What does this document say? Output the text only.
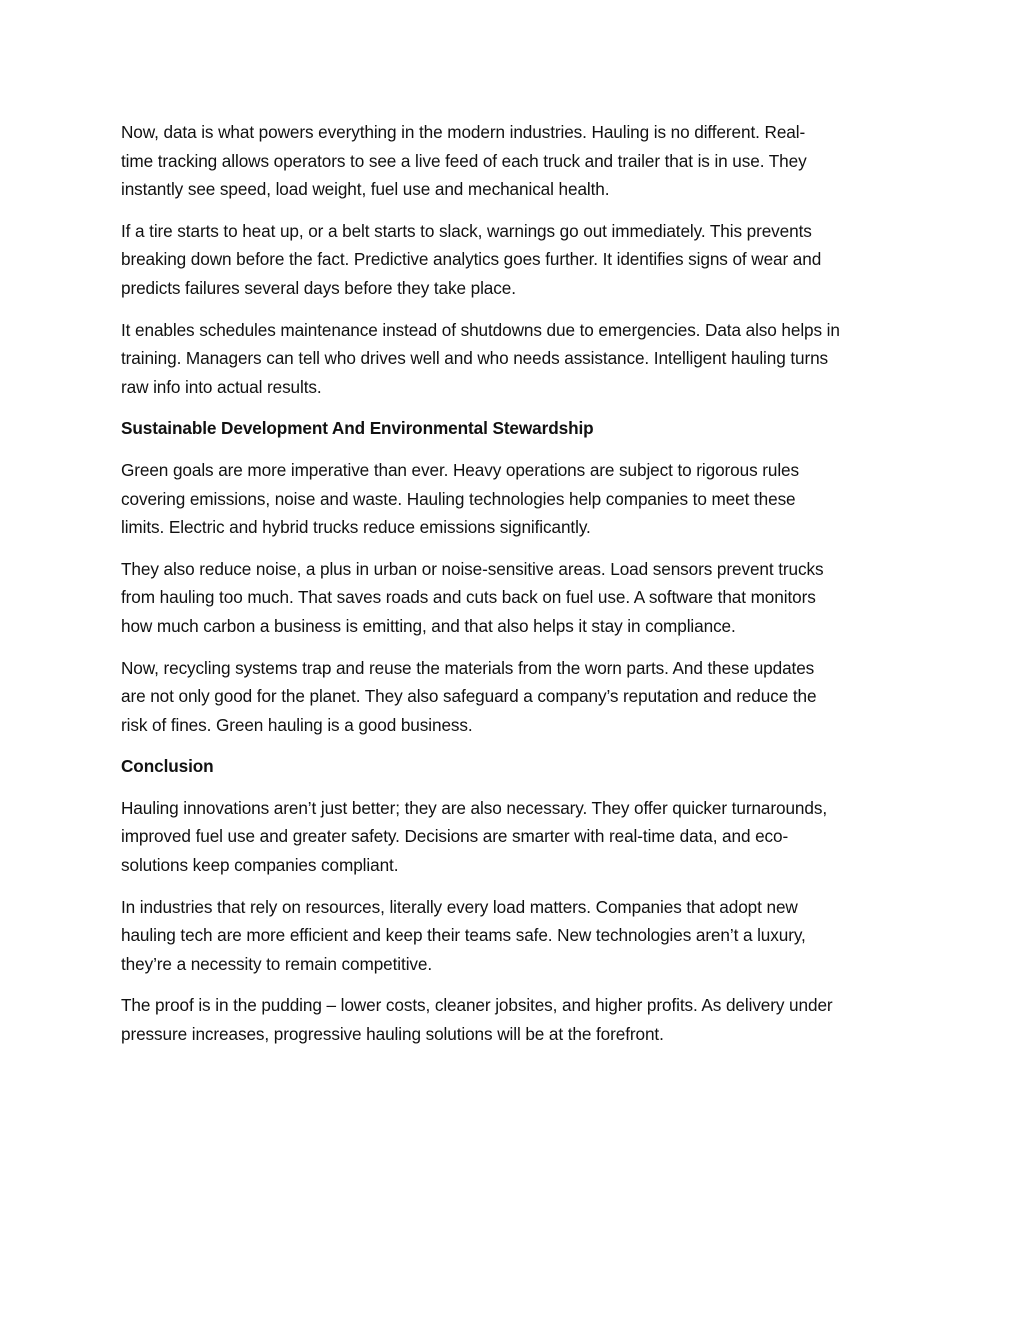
Now, data is what powers everything in the modern industries. Hauling is no different. Real-
time tracking allows operators to see a live feed of each truck and trailer that is in use. They
instantly see speed, load weight, fuel use and mechanical health.

If a tire starts to heat up, or a belt starts to slack, warnings go out immediately. This prevents
breaking down before the fact. Predictive analytics goes further. It identifies signs of wear and
predicts failures several days before they take place.

It enables schedules maintenance instead of shutdowns due to emergencies. Data also helps in
training. Managers can tell who drives well and who needs assistance. Intelligent hauling turns
raw info into actual results.

Sustainable Development And Environmental Stewardship

Green goals are more imperative than ever. Heavy operations are subject to rigorous rules
covering emissions, noise and waste. Hauling technologies help companies to meet these
limits. Electric and hybrid trucks reduce emissions significantly.

They also reduce noise, a plus in urban or noise-sensitive areas. Load sensors prevent trucks
from hauling too much. That saves roads and cuts back on fuel use. A software that monitors
how much carbon a business is emitting, and that also helps it stay in compliance.

Now, recycling systems trap and reuse the materials from the worn parts. And these updates
are not only good for the planet. They also safeguard a company’s reputation and reduce the
risk of fines. Green hauling is a good business.

Conclusion

Hauling innovations aren’t just better; they are also necessary. They offer quicker turnarounds,
improved fuel use and greater safety. Decisions are smarter with real-time data, and eco-
solutions keep companies compliant.

In industries that rely on resources, literally every load matters. Companies that adopt new
hauling tech are more efficient and keep their teams safe. New technologies aren’t a luxury,
they’re a necessity to remain competitive.

The proof is in the pudding – lower costs, cleaner jobsites, and higher profits. As delivery under
pressure increases, progressive hauling solutions will be at the forefront.
